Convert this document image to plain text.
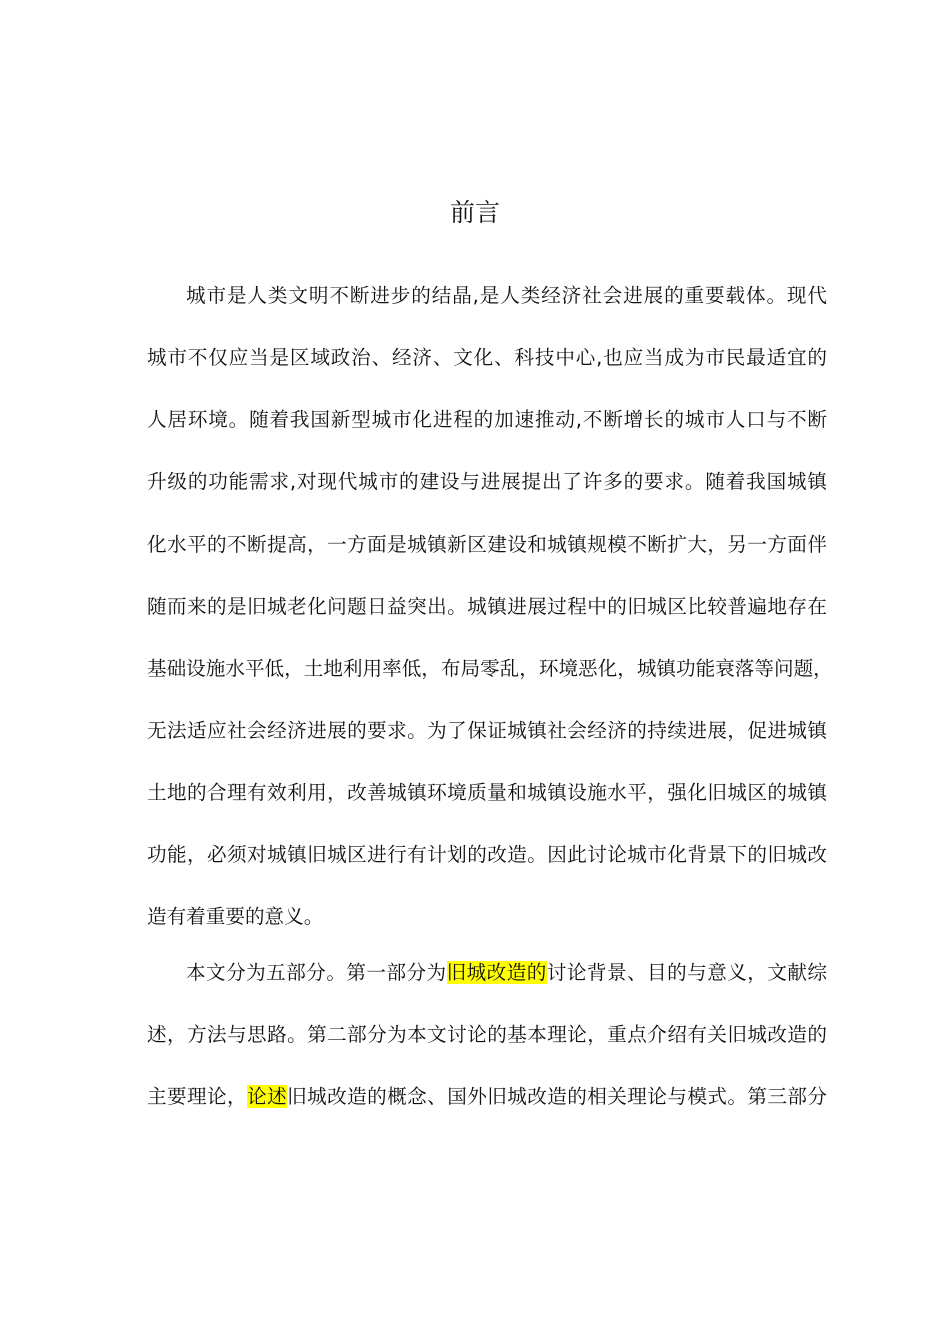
前言
城市是人类文明不断进步的结晶,是人类经济社会进展的重要载体。现代
城市不仅应当是区域政治、经济、文化、科技中心,也应当成为市民最适宜的
人居环境。随着我国新型城市化进程的加速推动,不断增长的城市人口与不断
升级的功能需求,对现代城市的建设与进展提出了许多的要求。随着我国城镇
化水平的不断提高，一方面是城镇新区建设和城镇规模不断扩大，另一方面伴
随而来的是旧城老化问题日益突出。城镇进展过程中的旧城区比较普遍地存在
基础设施水平低，土地利用率低，布局零乱，环境恶化，城镇功能衰落等问题，
无法适应社会经济进展的要求。为了保证城镇社会经济的持续进展，促进城镇
土地的合理有效利用，改善城镇环境质量和城镇设施水平，强化旧城区的城镇
功能，必须对城镇旧城区进行有计划的改造。因此讨论城市化背景下的旧城改
造有着重要的意义。
本文分为五部分。第一部分为旧城改造的讨论背景、目的与意义，文献综
述，方法与思路。第二部分为本文讨论的基本理论，重点介绍有关旧城改造的
主要理论，论述旧城改造的概念、国外旧城改造的相关理论与模式。第三部分
